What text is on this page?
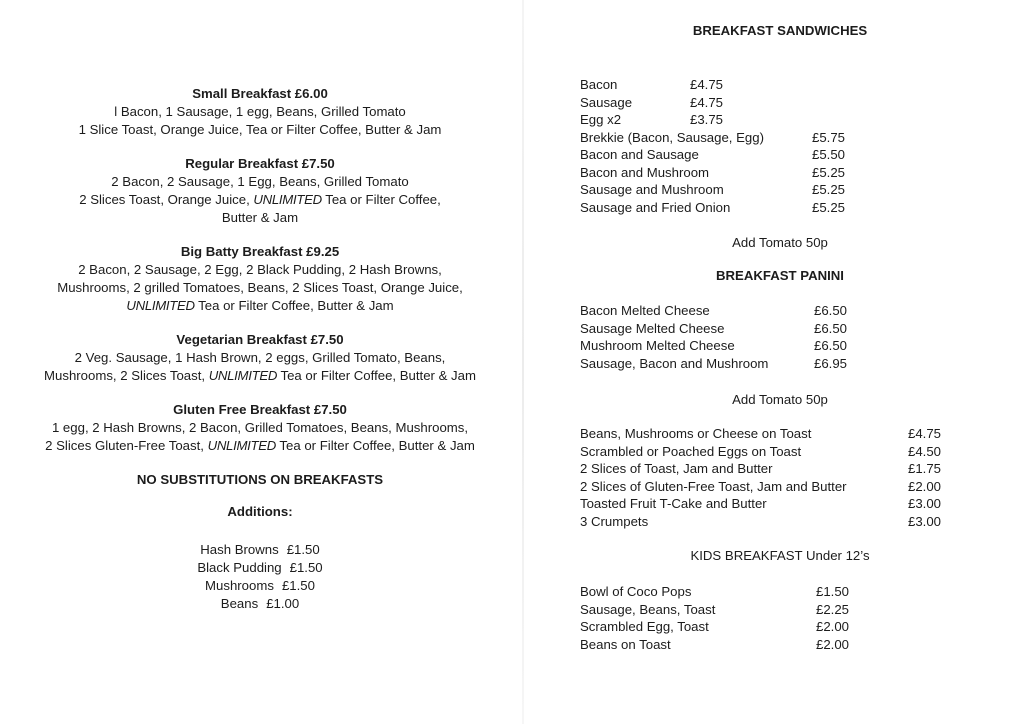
Small Breakfast £6.00
l Bacon, 1 Sausage, 1 egg, Beans, Grilled Tomato
1 Slice Toast, Orange Juice, Tea or Filter Coffee, Butter & Jam
Regular Breakfast £7.50
2 Bacon, 2 Sausage, 1 Egg, Beans, Grilled Tomato
2 Slices Toast, Orange Juice, UNLIMITED Tea or Filter Coffee,
Butter & Jam
Big Batty Breakfast £9.25
2 Bacon, 2 Sausage, 2 Egg, 2 Black Pudding, 2 Hash Browns,
Mushrooms, 2 grilled Tomatoes, Beans, 2 Slices Toast, Orange Juice,
UNLIMITED Tea or Filter Coffee, Butter & Jam
Vegetarian Breakfast £7.50
2 Veg. Sausage, 1 Hash Brown, 2 eggs, Grilled Tomato, Beans,
Mushrooms, 2 Slices Toast, UNLIMITED Tea or Filter Coffee, Butter & Jam
Gluten Free Breakfast £7.50
1 egg, 2 Hash Browns, 2 Bacon, Grilled Tomatoes, Beans, Mushrooms,
2 Slices Gluten-Free Toast, UNLIMITED Tea or Filter Coffee, Butter & Jam
NO SUBSTITUTIONS ON BREAKFASTS
Additions:
Hash Browns £1.50
Black Pudding £1.50
Mushrooms £1.50
Beans £1.00
BREAKFAST SANDWICHES
Bacon	£4.75
Sausage	£4.75
Egg x2	£3.75
Brekkie (Bacon, Sausage, Egg)	£5.75
Bacon and Sausage	£5.50
Bacon and Mushroom	£5.25
Sausage and Mushroom	£5.25
Sausage and Fried Onion	£5.25
Add Tomato 50p
BREAKFAST PANINI
Bacon Melted Cheese	£6.50
Sausage Melted Cheese	£6.50
Mushroom Melted Cheese	£6.50
Sausage, Bacon and Mushroom	£6.95
Add Tomato 50p
Beans, Mushrooms or Cheese on Toast	£4.75
Scrambled or Poached Eggs on Toast	£4.50
2 Slices of Toast, Jam and Butter	£1.75
2 Slices of Gluten-Free Toast, Jam and Butter	£2.00
Toasted Fruit T-Cake and Butter	£3.00
3 Crumpets	£3.00
KIDS BREAKFAST Under 12’s
Bowl of Coco Pops	£1.50
Sausage, Beans, Toast	£2.25
Scrambled Egg, Toast	£2.00
Beans on Toast	£2.00
